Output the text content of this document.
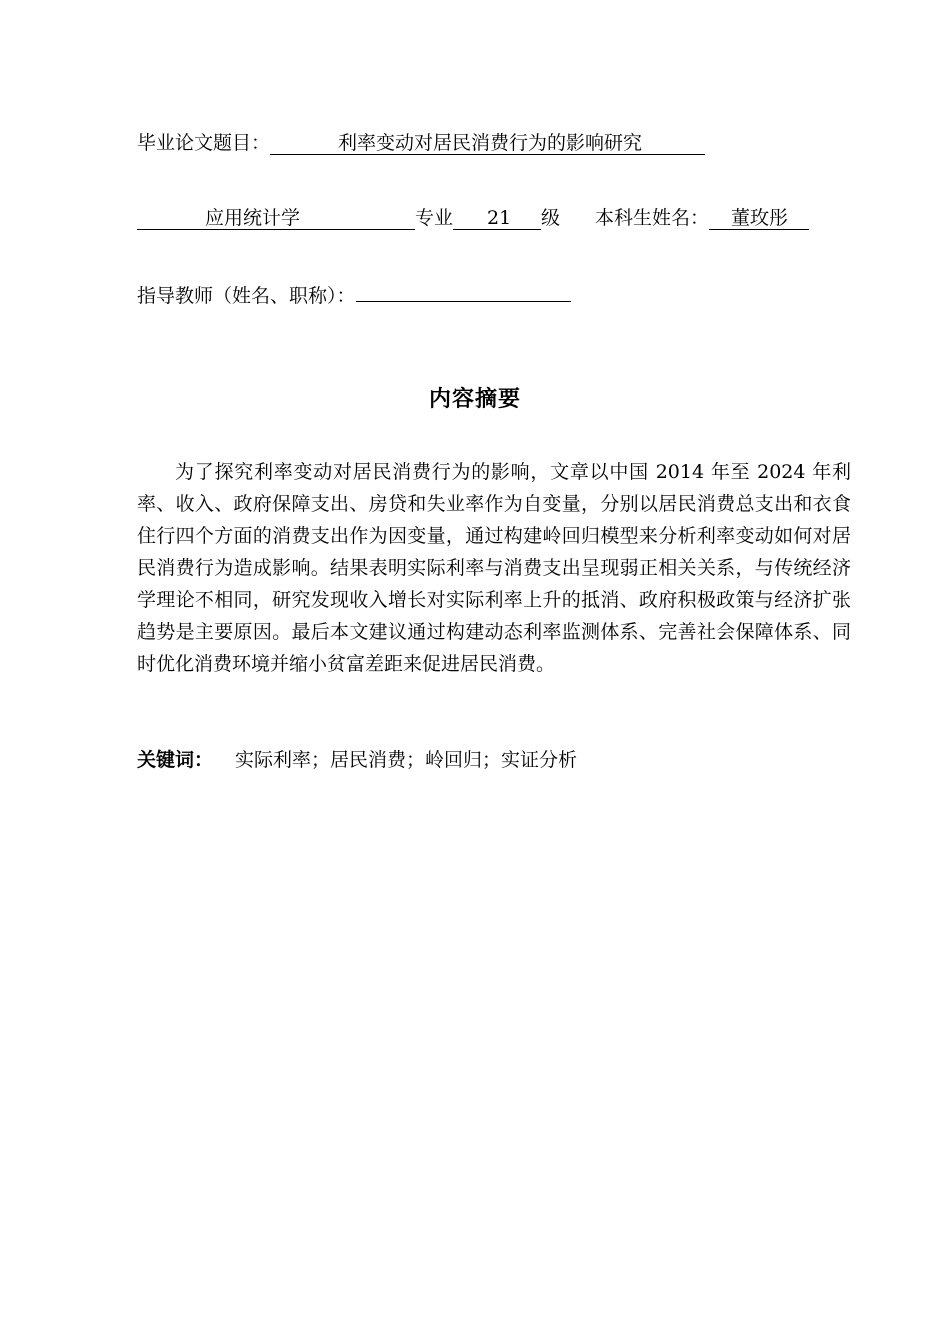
毕业论文题目：	利率变动对居民消费行为的影响研究
应用统计学	专业 21 级 本科生姓名： 董玫彤
指导教师（姓名、职称）：
内容摘要

为了探究利率变动对居民消费行为的影响，文章以中国 2014 年至 2024 年利率、收入、政府保障支出、房贷和失业率作为自变量，分别以居民消费总支出和衣食住行四个方面的消费支出作为因变量，通过构建岭回归模型来分析利率变动如何对居民消费行为造成影响。结果表明实际利率与消费支出呈现弱正相关关系，与传统经济学理论不相同，研究发现收入增长对实际利率上升的抵消、政府积极政策与经济扩张趋势是主要原因。最后本文建议通过构建动态利率监测体系、完善社会保障体系、同时优化消费环境并缩小贫富差距来促进居民消费。

关键词： 实际利率；居民消费；岭回归；实证分析
